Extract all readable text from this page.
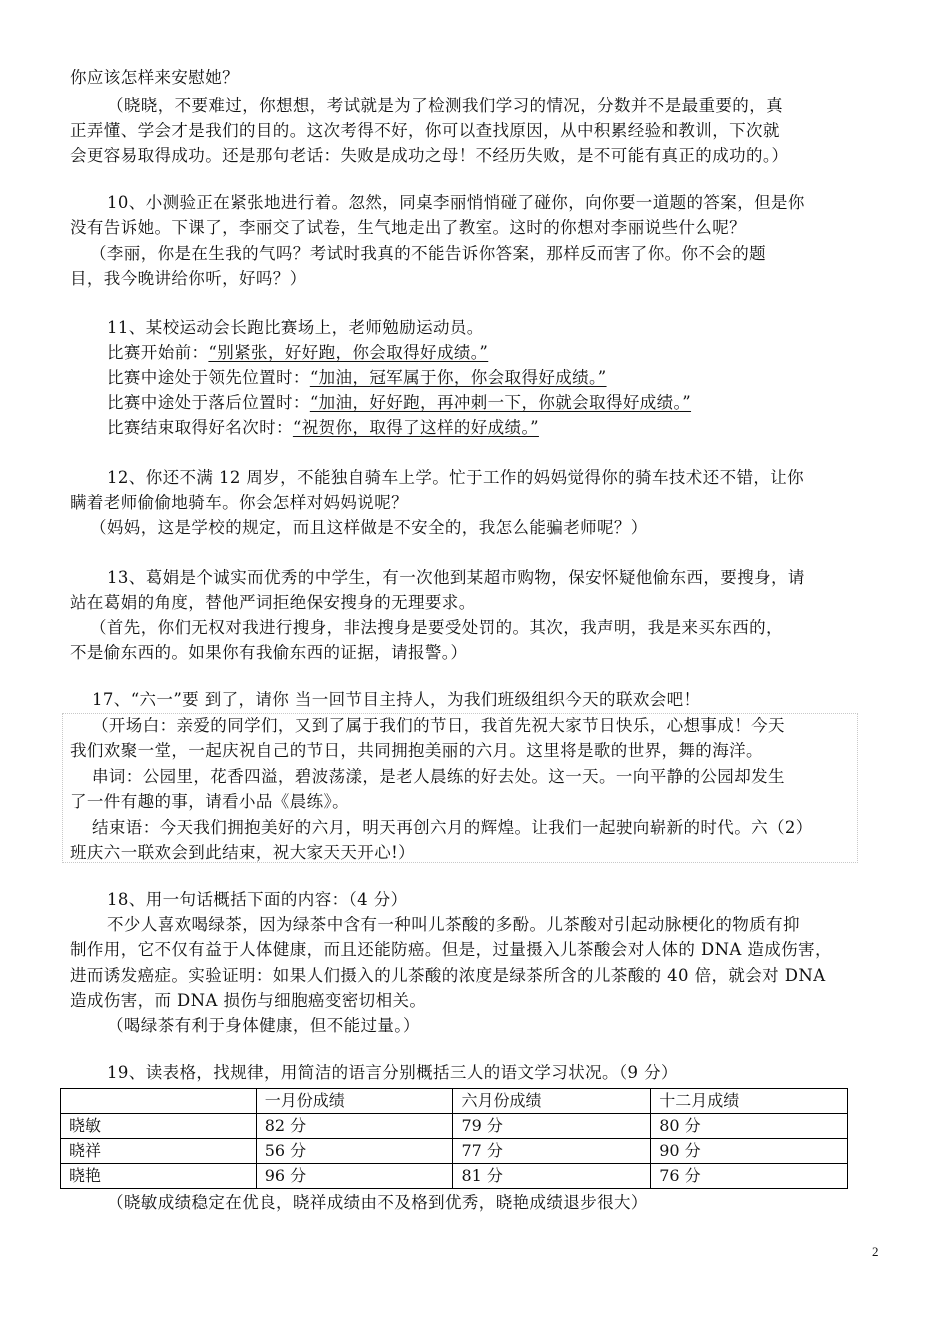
你应该怎样来安慰她？
（晓晓，不要难过，你想想，考试就是为了检测我们学习的情况，分数并不是最重要的，真
正弄懂、学会才是我们的目的。这次考得不好，你可以查找原因，从中积累经验和教训，下次就
会更容易取得成功。还是那句老话：失败是成功之母！不经历失败，是不可能有真正的成功的。）
10、小测验正在紧张地进行着。忽然，同桌李丽悄悄碰了碰你，向你要一道题的答案，但是你
没有告诉她。下课了，李丽交了试卷，生气地走出了教室。这时的你想对李丽说些什么呢？
（李丽，你是在生我的气吗？考试时我真的不能告诉你答案，那样反而害了你。你不会的题
目，我今晚讲给你听，好吗？）
11、某校运动会长跑比赛场上，老师勉励运动员。
比赛开始前：“别紧张，好好跑，你会取得好成绩。”
比赛中途处于领先位置时：“加油，冠军属于你，你会取得好成绩。”
比赛中途处于落后位置时：“加油，好好跑，再冲刺一下，你就会取得好成绩。”
比赛结束取得好名次时：“祝贺你，取得了这样的好成绩。”
12、你还不满 12 周岁，不能独自骑车上学。忙于工作的妈妈觉得你的骑车技术还不错，让你
瞒着老师偷偷地骑车。你会怎样对妈妈说呢？
（妈妈，这是学校的规定，而且这样做是不安全的，我怎么能骗老师呢？）
13、葛娟是个诚实而优秀的中学生，有一次他到某超市购物，保安怀疑他偷东西，要搜身，请
站在葛娟的角度，替他严词拒绝保安搜身的无理要求。
（首先，你们无权对我进行搜身，非法搜身是要受处罚的。其次，我声明，我是来买东西的，
不是偷东西的。如果你有我偷东西的证据，请报警。）
17、“六一”要 到了，请你 当一回节目主持人，为我们班级组织今天的联欢会吧！
（开场白：亲爱的同学们，又到了属于我们的节日，我首先祝大家节日快乐，心想事成！今天
我们欢聚一堂，一起庆祝自己的节日，共同拥抱美丽的六月。这里将是歌的世界，舞的海洋。
串词：公园里，花香四溢，碧波荡漾，是老人晨练的好去处。这一天。一向平静的公园却发生
了一件有趣的事，请看小品《晨练》。
结束语：今天我们拥抱美好的六月，明天再创六月的辉煌。让我们一起驶向崭新的时代。六（2）
班庆六一联欢会到此结束，祝大家天天开心!）
18、用一句话概括下面的内容：（4 分）
不少人喜欢喝绿茶，因为绿茶中含有一种叫儿茶酸的多酚。儿茶酸对引起动脉梗化的物质有抑
制作用，它不仅有益于人体健康，而且还能防癌。但是，过量摄入儿茶酸会对人体的 DNA 造成伤害，
进而诱发癌症。实验证明：如果人们摄入的儿茶酸的浓度是绿茶所含的儿茶酸的 40 倍，就会对 DNA
造成伤害，而 DNA 损伤与细胞癌变密切相关。
（喝绿茶有利于身体健康，但不能过量。）
19、读表格，找规律，用简洁的语言分别概括三人的语文学习状况。（9 分）
	一月份成绩	六月份成绩	十二月成绩
晓敏	82 分	79 分	80 分
晓祥	56 分	77 分	90 分
晓艳	96 分	81 分	76 分
（晓敏成绩稳定在优良，晓祥成绩由不及格到优秀，晓艳成绩退步很大）
2
